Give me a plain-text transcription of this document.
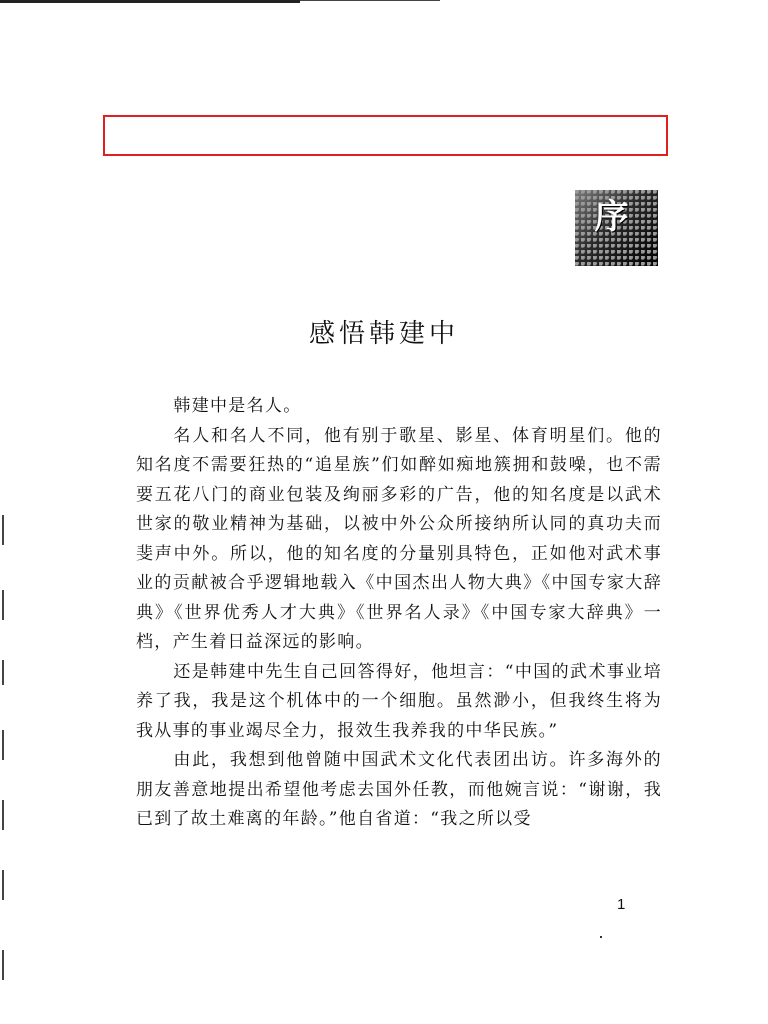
序
感悟韩建中

韩建中是名人。

名人和名人不同，他有别于歌星、影星、体育明星们。他的知名度不需要狂热的“追星族”们如醉如痴地簇拥和鼓噪，也不需要五花八门的商业包装及绚丽多彩的广告，他的知名度是以武术世家的敬业精神为基础，以被中外公众所接纳所认同的真功夫而斐声中外。所以，他的知名度的分量别具特色，正如他对武术事业的贡献被合乎逻辑地载入《中国杰出人物大典》《中国专家大辞典》《世界优秀人才大典》《世界名人录》《中国专家大辞典》一档，产生着日益深远的影响。

还是韩建中先生自己回答得好，他坦言：“中国的武术事业培养了我，我是这个机体中的一个细胞。虽然渺小，但我终生将为我从事的事业竭尽全力，报效生我养我的中华民族。”

由此，我想到他曾随中国武术文化代表团出访。许多海外的朋友善意地提出希望他考虑去国外任教，而他婉言说：“谢谢，我已到了故土难离的年龄。”他自省道：“我之所以受

1
